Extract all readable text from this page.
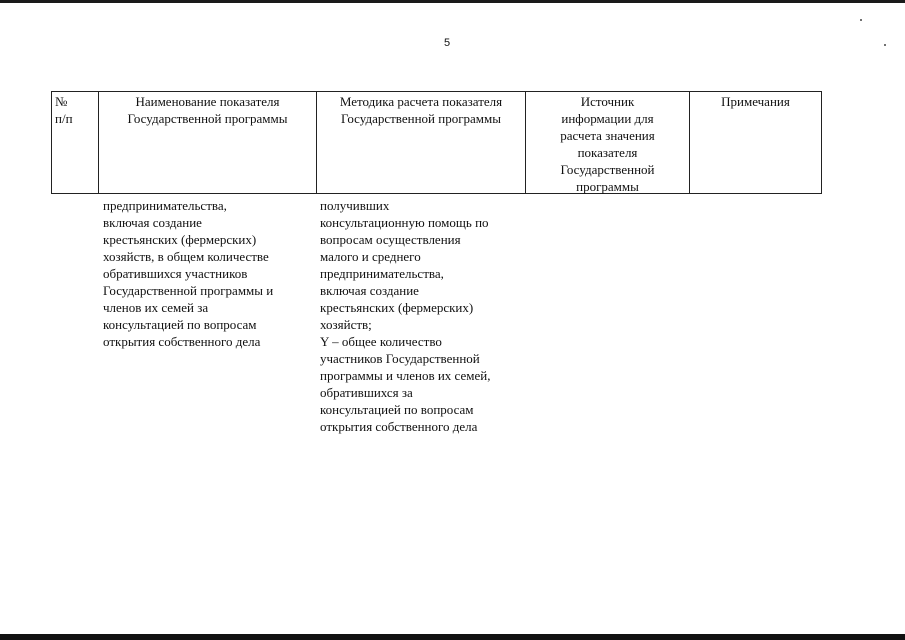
5
№
п/п
Наименование показателя
Государственной программы
Методика расчета показателя
Государственной программы
Источник
информации для
расчета значения
показателя
Государственной
программы
Примечания
предпринимательства,
включая создание
крестьянских (фермерских)
хозяйств, в общем количестве
обратившихся участников
Государственной программы и
членов их семей за
консультацией по вопросам
открытия собственного дела
получивших
консультационную помощь по
вопросам осуществления
малого и среднего
предпринимательства,
включая создание
крестьянских (фермерских)
хозяйств;
Y – общее количество
участников Государственной
программы и членов их семей,
обратившихся за
консультацией по вопросам
открытия собственного дела
